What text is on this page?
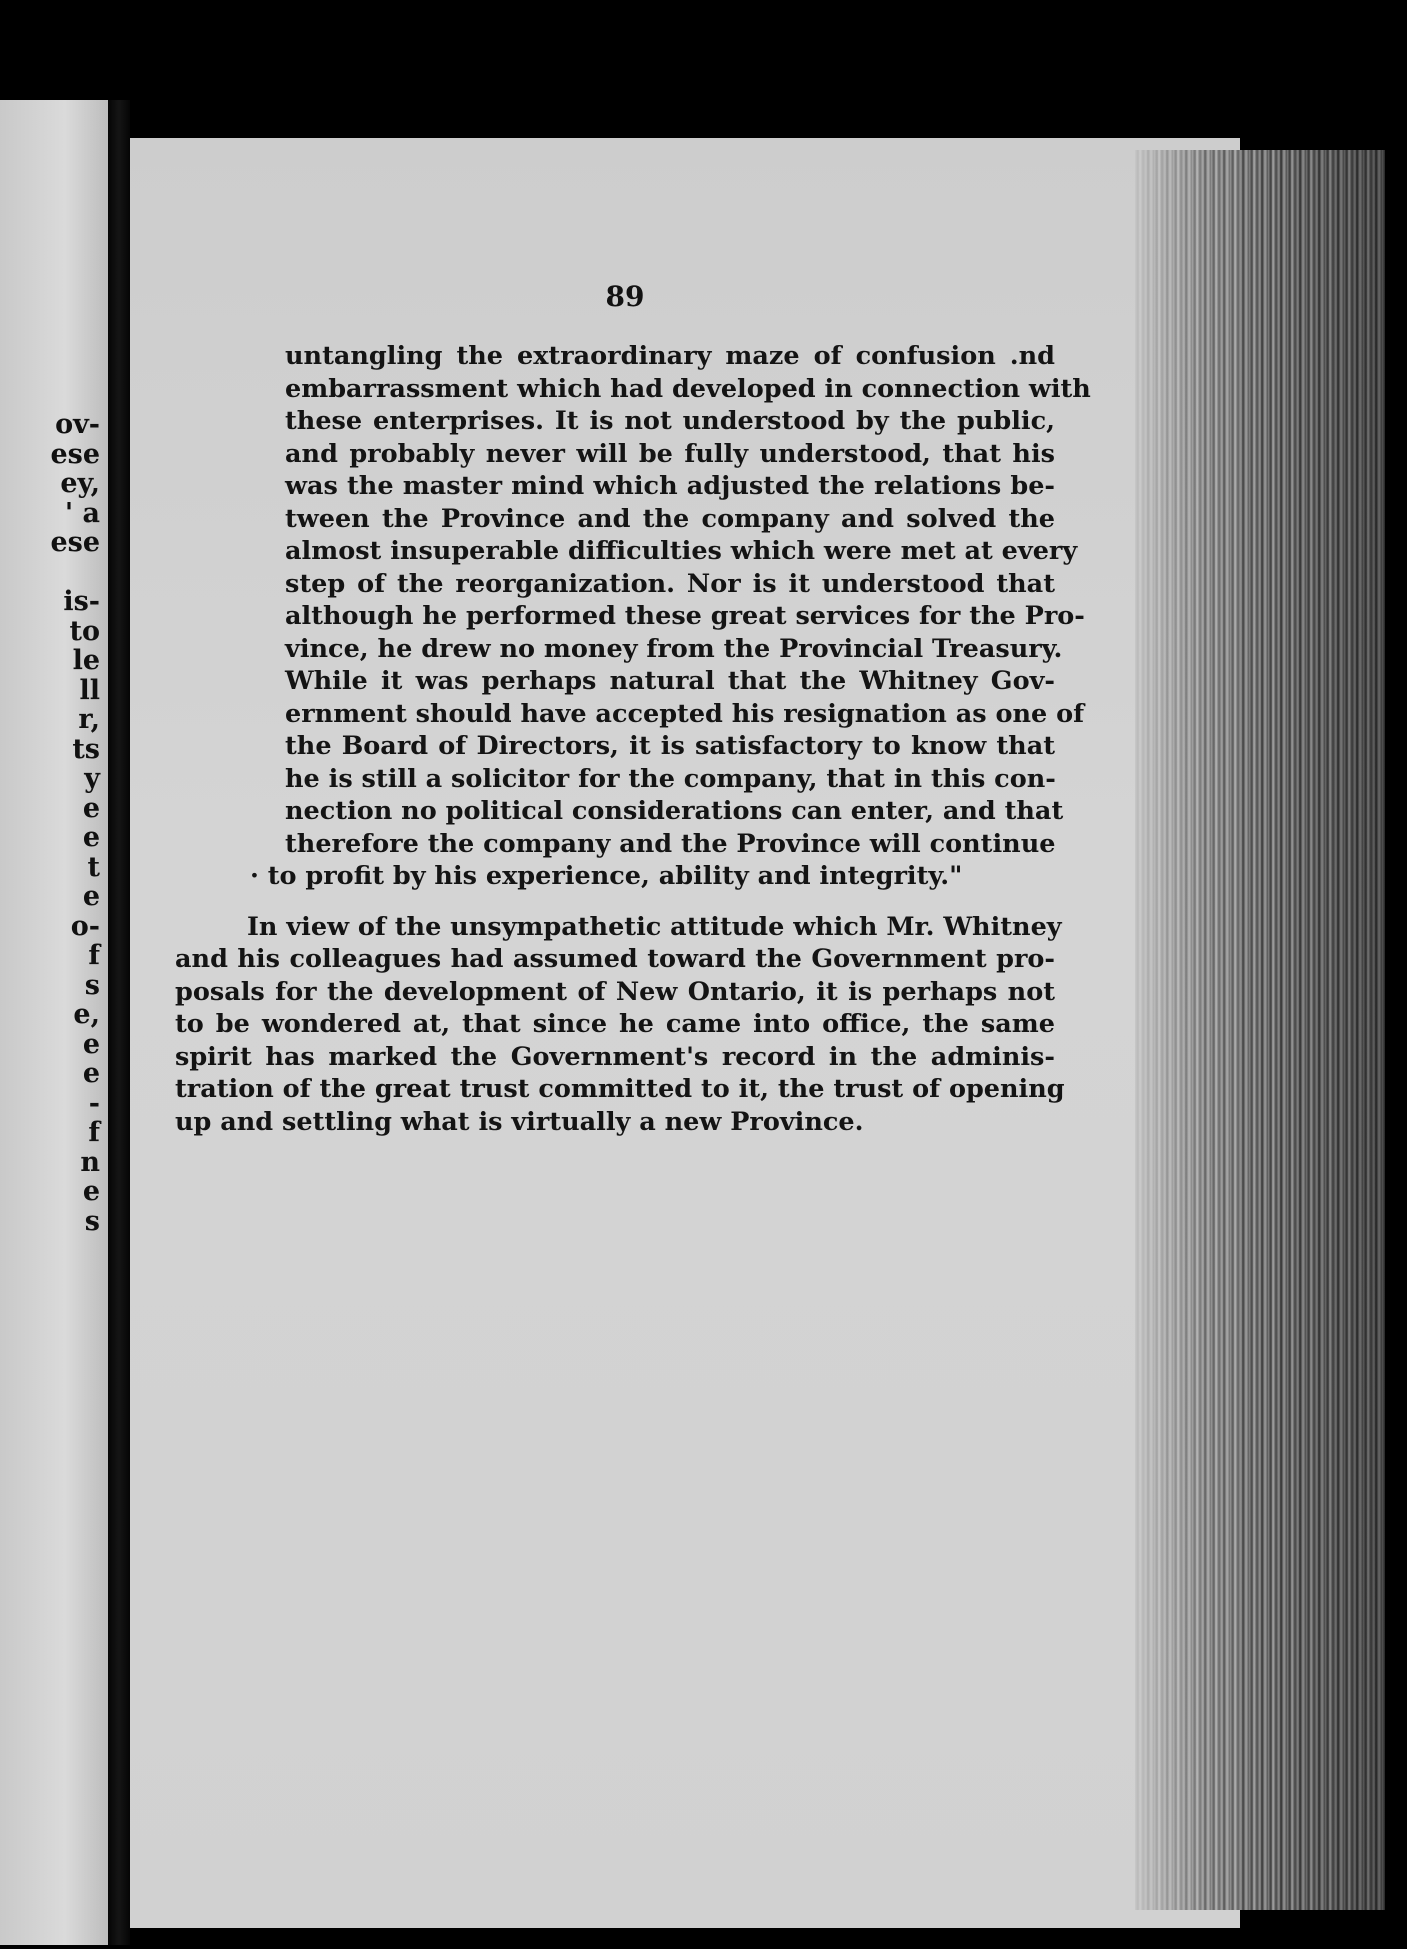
ov-
ese
ey,
' a
ese

is-
to
le
ll
r,
ts
y
e
e
t
e
o-
f
s
e,
e
e
-
f
n
e
s
89

untangling the extraordinary maze of confusion .nd
embarrassment which had developed in connection with
these enterprises. It is not understood by the public,
and probably never will be fully understood, that his
was the master mind which adjusted the relations be-
tween the Province and the company and solved the
almost insuperable difficulties which were met at every
step of the reorganization. Nor is it understood that
although he performed these great services for the Pro-
vince, he drew no money from the Provincial Treasury.
While it was perhaps natural that the Whitney Gov-
ernment should have accepted his resignation as one of
the Board of Directors, it is satisfactory to know that
he is still a solicitor for the company, that in this con-
nection no political considerations can enter, and that
therefore the company and the Province will continue
· to profit by his experience, ability and integrity."

In view of the unsympathetic attitude which Mr. Whitney
and his colleagues had assumed toward the Government pro-
posals for the development of New Ontario, it is perhaps not
to be wondered at, that since he came into office, the same
spirit has marked the Government's record in the adminis-
tration of the great trust committed to it, the trust of opening
up and settling what is virtually a new Province.
